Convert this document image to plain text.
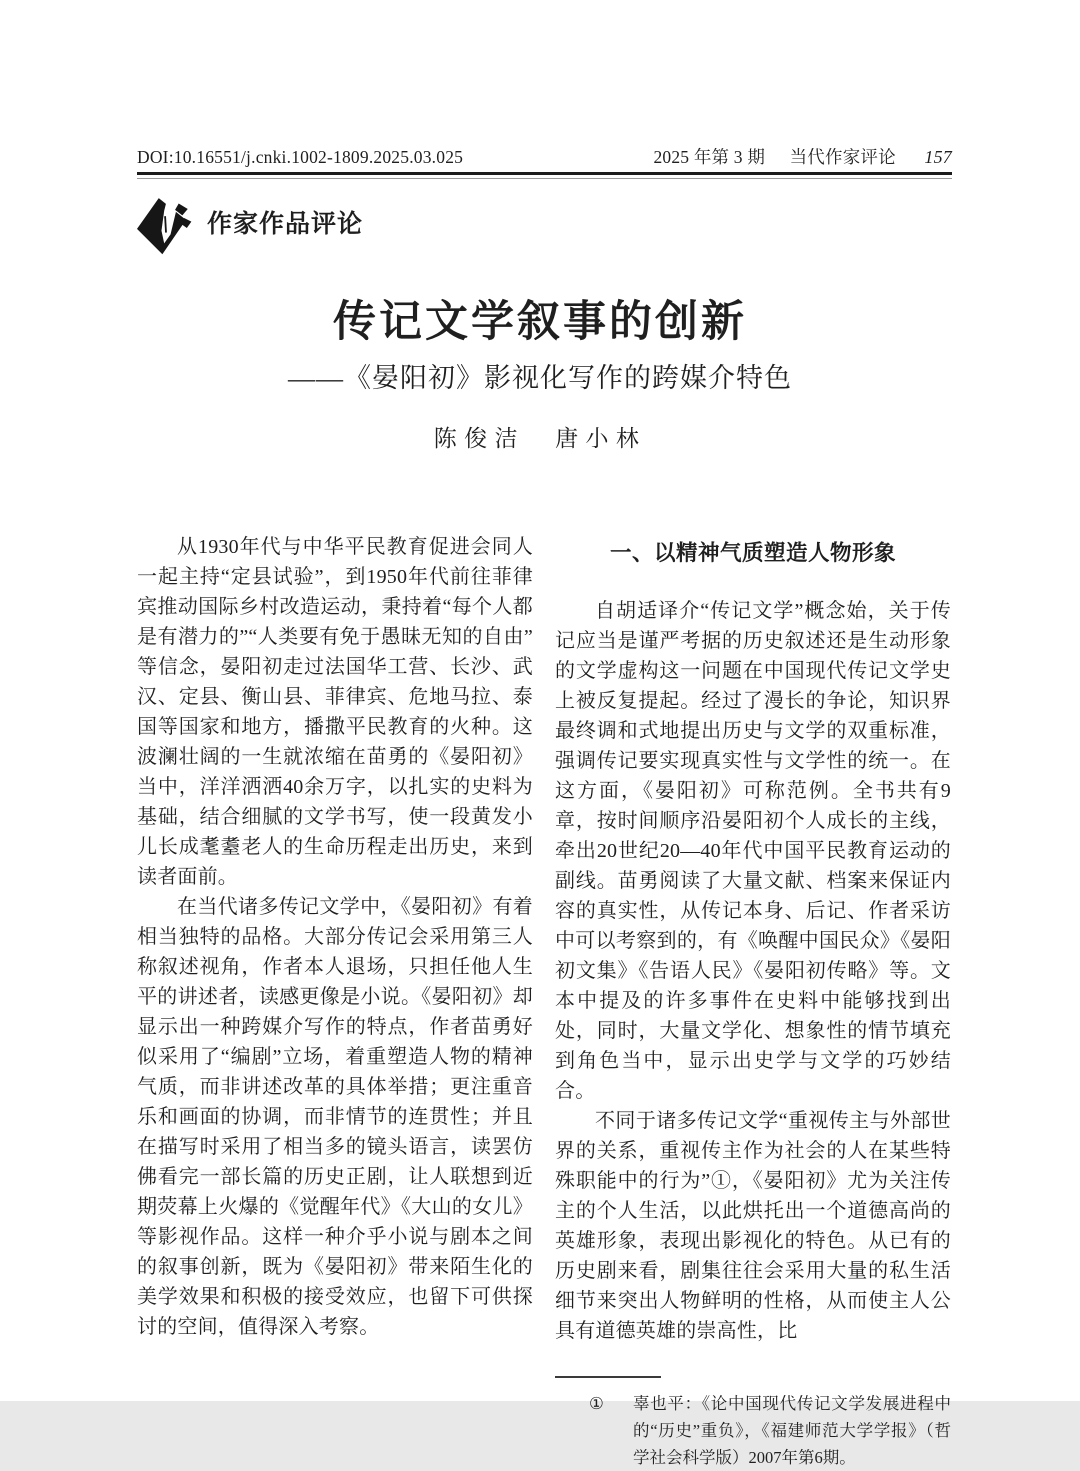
DOI:10.16551/j.cnki.1002-1809.2025.03.025	2025 年第 3 期 当代作家评论 157
作家作品评论
传记文学叙事的创新
——《晏阳初》影视化写作的跨媒介特色
陈俊洁　唐小林

从1930年代与中华平民教育促进会同人一起主持“定县试验”，到1950年代前往菲律宾推动国际乡村改造运动，秉持着“每个人都是有潜力的”“人类要有免于愚昧无知的自由”等信念，晏阳初走过法国华工营、长沙、武汉、定县、衡山县、菲律宾、危地马拉、泰国等国家和地方，播撒平民教育的火种。这波澜壮阔的一生就浓缩在苗勇的《晏阳初》当中，洋洋洒洒40余万字，以扎实的史料为基础，结合细腻的文学书写，使一段黄发小儿长成耄耋老人的生命历程走出历史，来到读者面前。

在当代诸多传记文学中，《晏阳初》有着相当独特的品格。大部分传记会采用第三人称叙述视角，作者本人退场，只担任他人生平的讲述者，读感更像是小说。《晏阳初》却显示出一种跨媒介写作的特点，作者苗勇好似采用了“编剧”立场，着重塑造人物的精神气质，而非讲述改革的具体举措；更注重音乐和画面的协调，而非情节的连贯性；并且在描写时采用了相当多的镜头语言，读罢仿佛看完一部长篇的历史正剧，让人联想到近期荧幕上火爆的《觉醒年代》《大山的女儿》等影视作品。这样一种介乎小说与剧本之间的叙事创新，既为《晏阳初》带来陌生化的美学效果和积极的接受效应，也留下可供探讨的空间，值得深入考察。

一、以精神气质塑造人物形象

自胡适译介“传记文学”概念始，关于传记应当是谨严考据的历史叙述还是生动形象的文学虚构这一问题在中国现代传记文学史上被反复提起。经过了漫长的争论，知识界最终调和式地提出历史与文学的双重标准，强调传记要实现真实性与文学性的统一。在这方面，《晏阳初》可称范例。全书共有9章，按时间顺序沿晏阳初个人成长的主线，牵出20世纪20—40年代中国平民教育运动的副线。苗勇阅读了大量文献、档案来保证内容的真实性，从传记本身、后记、作者采访中可以考察到的，有《唤醒中国民众》《晏阳初文集》《告语人民》《晏阳初传略》等。文本中提及的许多事件在史料中能够找到出处，同时，大量文学化、想象性的情节填充到角色当中，显示出史学与文学的巧妙结合。

不同于诸多传记文学“重视传主与外部世界的关系，重视传主作为社会的人在某些特殊职能中的行为”①，《晏阳初》尤为关注传主的个人生活，以此烘托出一个道德高尚的英雄形象，表现出影视化的特色。从已有的历史剧来看，剧集往往会采用大量的私生活细节来突出人物鲜明的性格，从而使主人公具有道德英雄的崇高性，比

①	辜也平：《论中国现代传记文学发展进程中的“历史”重负》，《福建师范大学学报》（哲学社会科学版）2007年第6期。
